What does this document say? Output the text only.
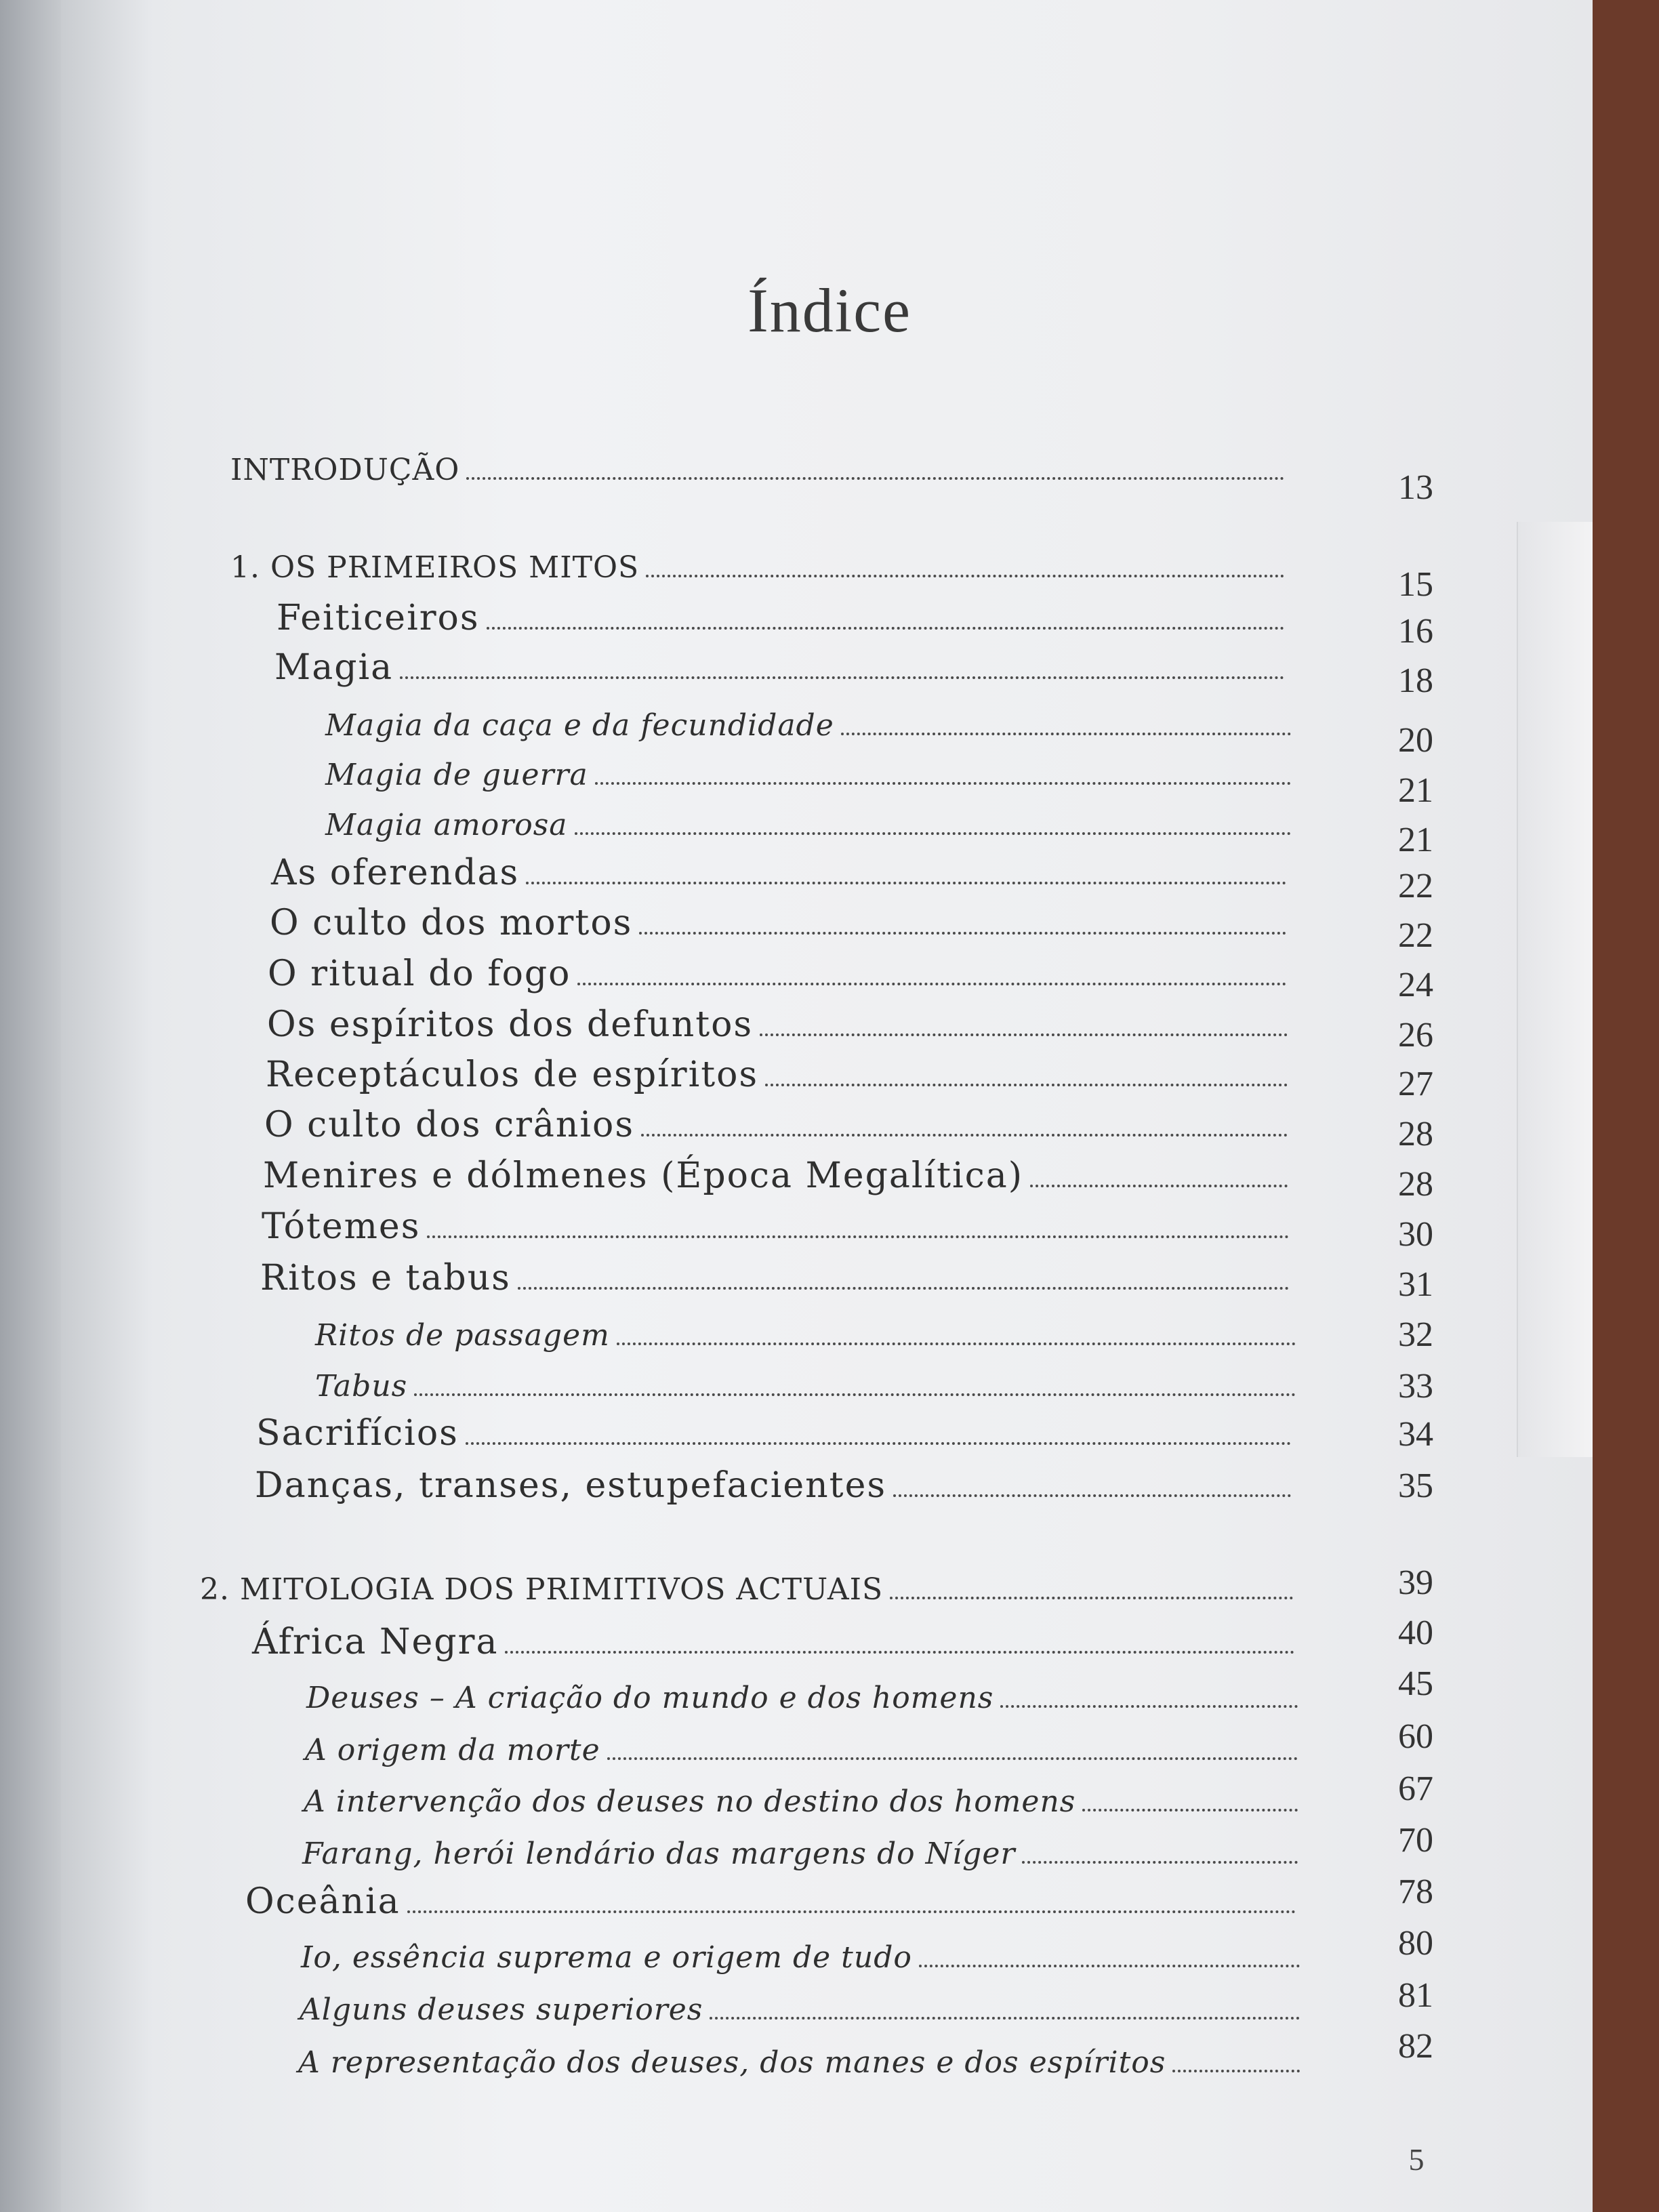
Índice
INTRODUÇÃO	13
1. OS PRIMEIROS MITOS	15
Feiticeiros	16
Magia	18
Magia da caça e da fecundidade	20
Magia de guerra	21
Magia amorosa	21
As oferendas	22
O culto dos mortos	22
O ritual do fogo	24
Os espíritos dos defuntos	26
Receptáculos de espíritos	27
O culto dos crânios	28
Menires e dólmenes (Época Megalítica)	28
Tótemes	30
Ritos e tabus	31
Ritos de passagem	32
Tabus	33
Sacrifícios	34
Danças, transes, estupefacientes	35
2. MITOLOGIA DOS PRIMITIVOS ACTUAIS	39
África Negra	40
Deuses – A criação do mundo e dos homens	45
A origem da morte	60
A intervenção dos deuses no destino dos homens	67
Farang, herói lendário das margens do Níger	70
Oceânia	78
Io, essência suprema e origem de tudo	80
Alguns deuses superiores	81
A representação dos deuses, dos manes e dos espíritos	82
5
